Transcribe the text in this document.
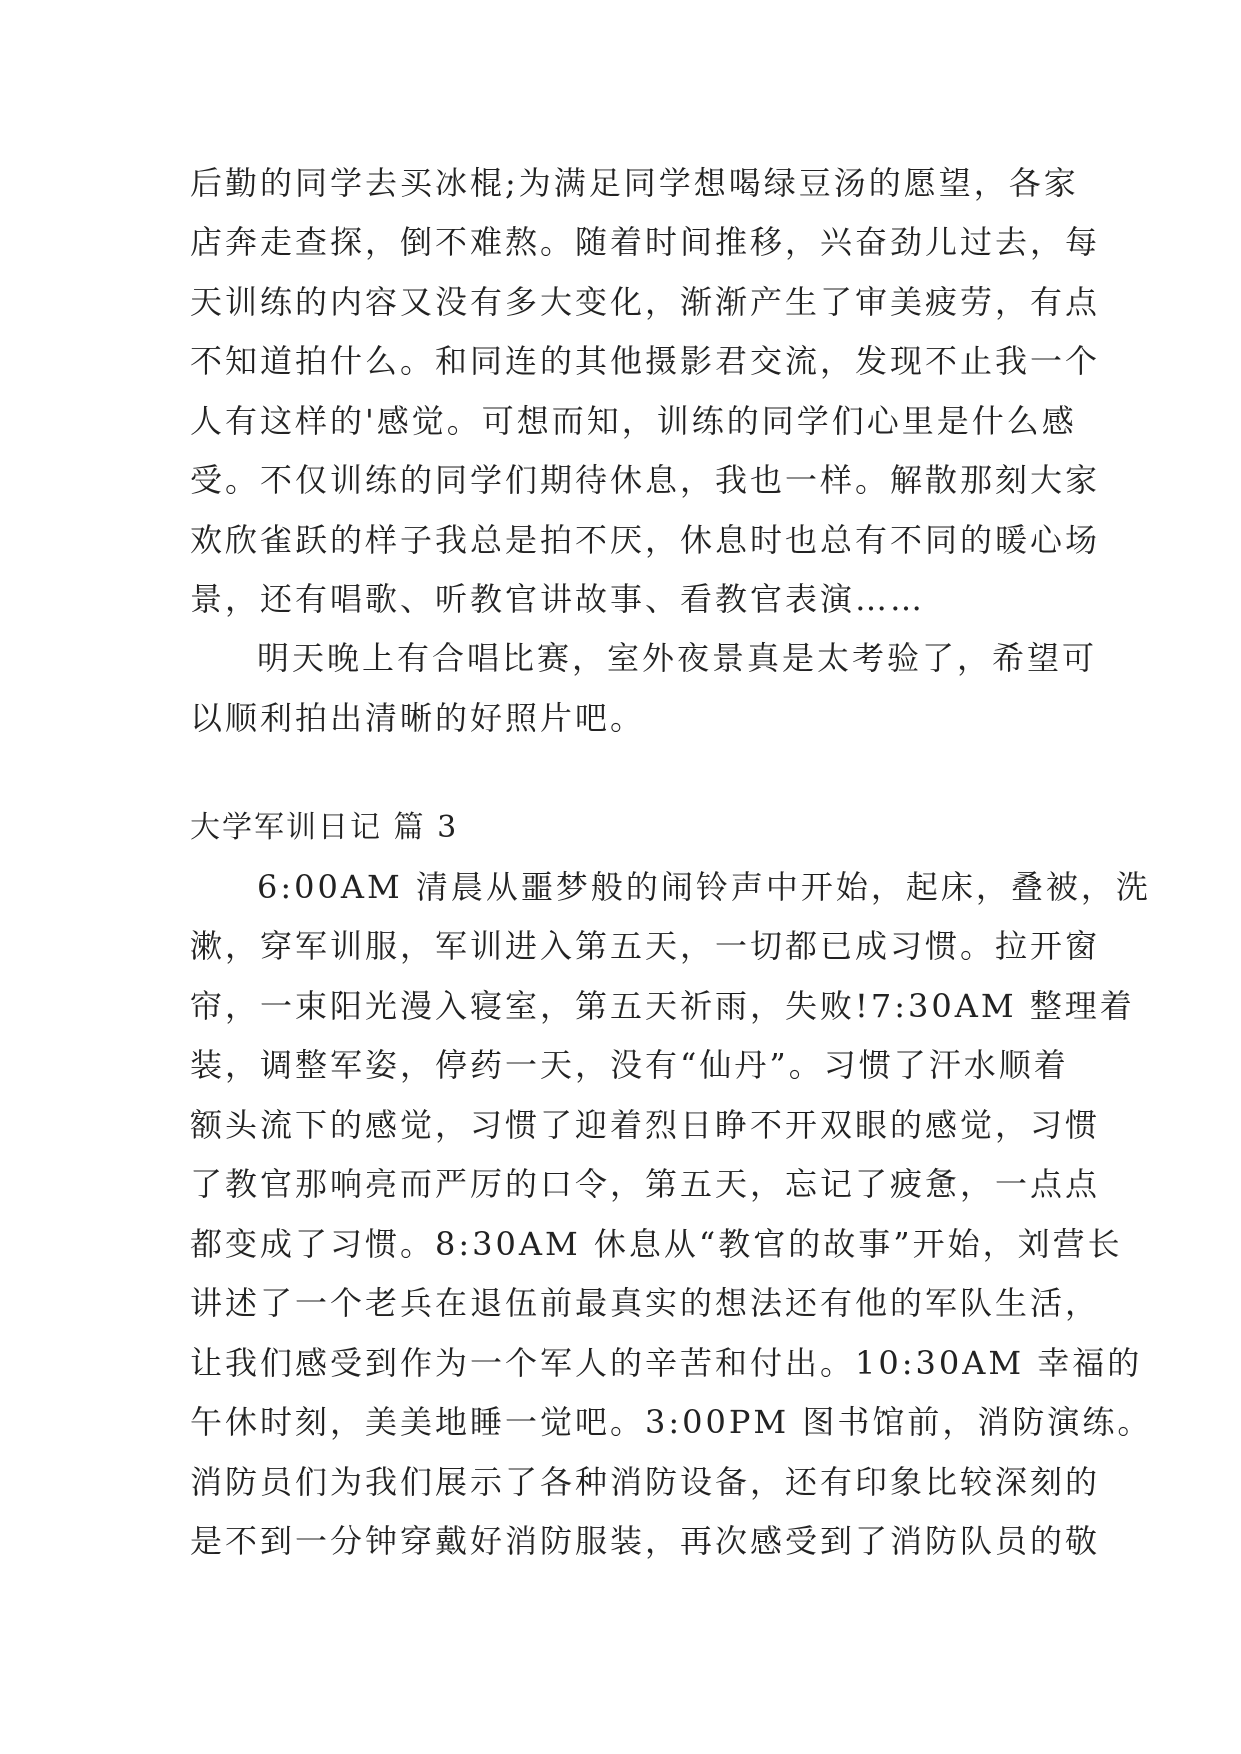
后勤的同学去买冰棍;为满足同学想喝绿豆汤的愿望，各家
店奔走查探，倒不难熬。随着时间推移，兴奋劲儿过去，每
天训练的内容又没有多大变化，渐渐产生了审美疲劳，有点
不知道拍什么。和同连的其他摄影君交流，发现不止我一个
人有这样的'感觉。可想而知，训练的同学们心里是什么感
受。不仅训练的同学们期待休息，我也一样。解散那刻大家
欢欣雀跃的样子我总是拍不厌，休息时也总有不同的暖心场
景，还有唱歌、听教官讲故事、看教官表演……
明天晚上有合唱比赛，室外夜景真是太考验了，希望可
以顺利拍出清晰的好照片吧。
大学军训日记 篇 3
6:00AM 清晨从噩梦般的闹铃声中开始，起床，叠被，洗
漱，穿军训服，军训进入第五天，一切都已成习惯。拉开窗
帘，一束阳光漫入寝室，第五天祈雨，失败!7:30AM 整理着
装，调整军姿，停药一天，没有“仙丹”。习惯了汗水顺着
额头流下的感觉，习惯了迎着烈日睁不开双眼的感觉，习惯
了教官那响亮而严厉的口令，第五天，忘记了疲惫，一点点
都变成了习惯。8:30AM 休息从“教官的故事”开始，刘营长
讲述了一个老兵在退伍前最真实的想法还有他的军队生活，
让我们感受到作为一个军人的辛苦和付出。10:30AM 幸福的
午休时刻，美美地睡一觉吧。3:00PM 图书馆前，消防演练。
消防员们为我们展示了各种消防设备，还有印象比较深刻的
是不到一分钟穿戴好消防服装，再次感受到了消防队员的敬
